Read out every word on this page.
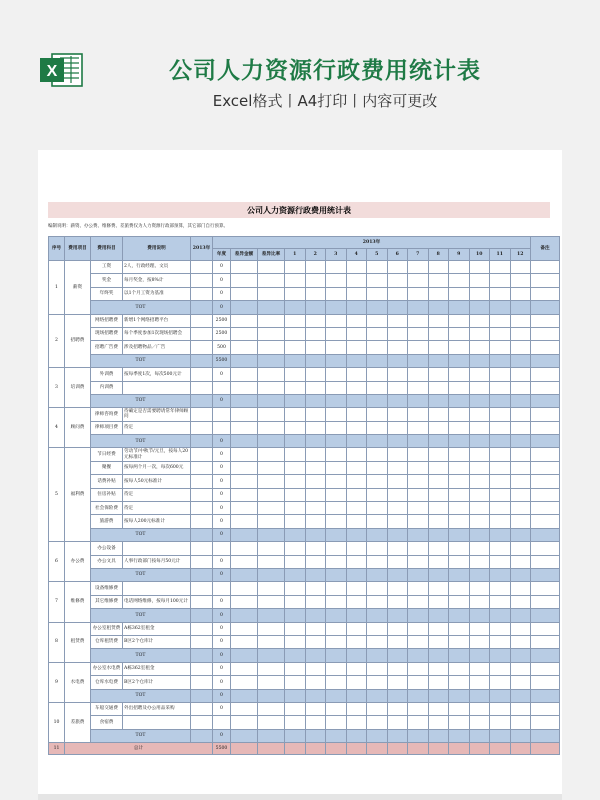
X	公司人力资源行政费用统计表
Excel格式丨A4打印丨内容可更改
公司人力资源行政费用统计表
编制说明：薪资、办公费、维修费、差旅费仅为人力资源行政部预算，其它部门自行预算。
序号	费用项目	费用科目	费用说明	2013年	2013年															备注
					年度	差异金额	差异比率	1	2	3	4	5	6	7	8	9	10	11	12	
1	薪资	工资	2人，行政经理、文员		0															
		奖金	每月奖金，按8%计		0															
		年终奖	以1个月工资为基准		0															
		TOT			0															
2	招聘费	网络招聘费	新增1个网络招聘平台		2500															
		现场招聘费	每个季度参加1次现场招聘会		2500															
		招聘广告费	涉及招聘物品／广告		500															
		TOT			5500															
3	培训费	外训费	按每季度1次，每次500元计		0															
		内训费																		
		TOT			0															
4	顾问费	律师咨询费	待确定是否需要聘请常年律师顾问																	
		律师项目费	待定																	
		TOT			0															
5	福利费	节日经费	劳动节/中秋节/元旦，按每人20元标准计		0															
		聚餐	按每两个月一次，每次600元		0															
		话费补贴	按每人50元标准计		0															
		住房补贴	待定		0															
		社会保险费	待定		0															
		旅游费	按每人200元标准计		0															
		TOT			0															
6	办公费	办公设备																		
		办公文具	人事行政部门按每月50元计		0															
		TOT			0															
7	维修费	设备维修费																		
		其它维修费	电话网络维修，按每月100元计		0															
		TOT			0															
8	租赁费	办公室租赁费	A栋362室租金		0															
		仓库租赁费	B区2个仓库计		0															
		TOT			0															
9	水电费	办公室水电费	A栋362室租金		0															
		仓库水电费	B区2个仓库计		0															
		TOT			0															
10	差旅费	车船交通费	外出招聘及办公用品采购		0															
		食宿费																		
		TOT			0															
11	总计				5500															
